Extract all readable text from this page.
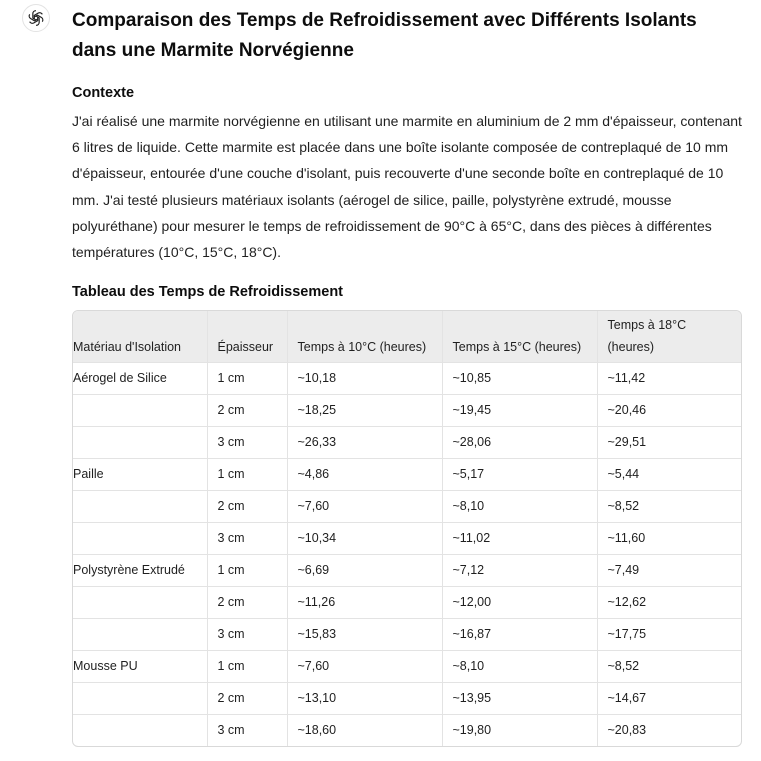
Comparaison des Temps de Refroidissement avec Différents Isolants dans une Marmite Norvégienne
Contexte

J'ai réalisé une marmite norvégienne en utilisant une marmite en aluminium de 2 mm d'épaisseur, contenant 6 litres de liquide. Cette marmite est placée dans une boîte isolante composée de contreplaqué de 10 mm d'épaisseur, entourée d'une couche d'isolant, puis recouverte d'une seconde boîte en contreplaqué de 10 mm. J'ai testé plusieurs matériaux isolants (aérogel de silice, paille, polystyrène extrudé, mousse polyuréthane) pour mesurer le temps de refroidissement de 90°C à 65°C, dans des pièces à différentes températures (10°C, 15°C, 18°C).

Tableau des Temps de Refroidissement
Matériau d'Isolation	Épaisseur	Temps à 10°C (heures)	Temps à 15°C (heures)	Temps à 18°C (heures)
Aérogel de Silice	1 cm	~10,18	~10,85	~11,42
	2 cm	~18,25	~19,45	~20,46
	3 cm	~26,33	~28,06	~29,51
Paille	1 cm	~4,86	~5,17	~5,44
	2 cm	~7,60	~8,10	~8,52
	3 cm	~10,34	~11,02	~11,60
Polystyrène Extrudé	1 cm	~6,69	~7,12	~7,49
	2 cm	~11,26	~12,00	~12,62
	3 cm	~15,83	~16,87	~17,75
Mousse PU	1 cm	~7,60	~8,10	~8,52
	2 cm	~13,10	~13,95	~14,67
	3 cm	~18,60	~19,80	~20,83
